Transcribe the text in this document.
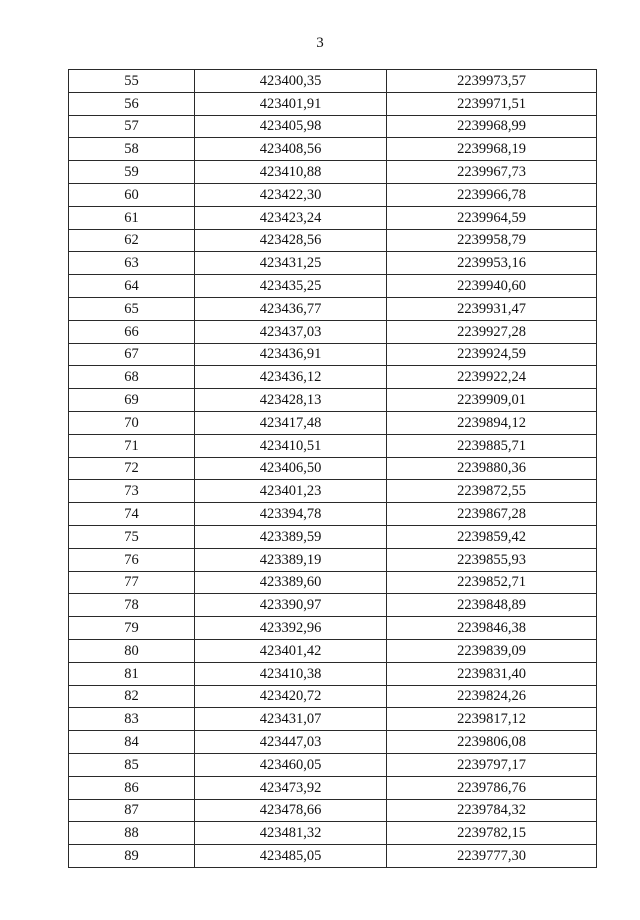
3
55	423400,35	2239973,57
56	423401,91	2239971,51
57	423405,98	2239968,99
58	423408,56	2239968,19
59	423410,88	2239967,73
60	423422,30	2239966,78
61	423423,24	2239964,59
62	423428,56	2239958,79
63	423431,25	2239953,16
64	423435,25	2239940,60
65	423436,77	2239931,47
66	423437,03	2239927,28
67	423436,91	2239924,59
68	423436,12	2239922,24
69	423428,13	2239909,01
70	423417,48	2239894,12
71	423410,51	2239885,71
72	423406,50	2239880,36
73	423401,23	2239872,55
74	423394,78	2239867,28
75	423389,59	2239859,42
76	423389,19	2239855,93
77	423389,60	2239852,71
78	423390,97	2239848,89
79	423392,96	2239846,38
80	423401,42	2239839,09
81	423410,38	2239831,40
82	423420,72	2239824,26
83	423431,07	2239817,12
84	423447,03	2239806,08
85	423460,05	2239797,17
86	423473,92	2239786,76
87	423478,66	2239784,32
88	423481,32	2239782,15
89	423485,05	2239777,30
